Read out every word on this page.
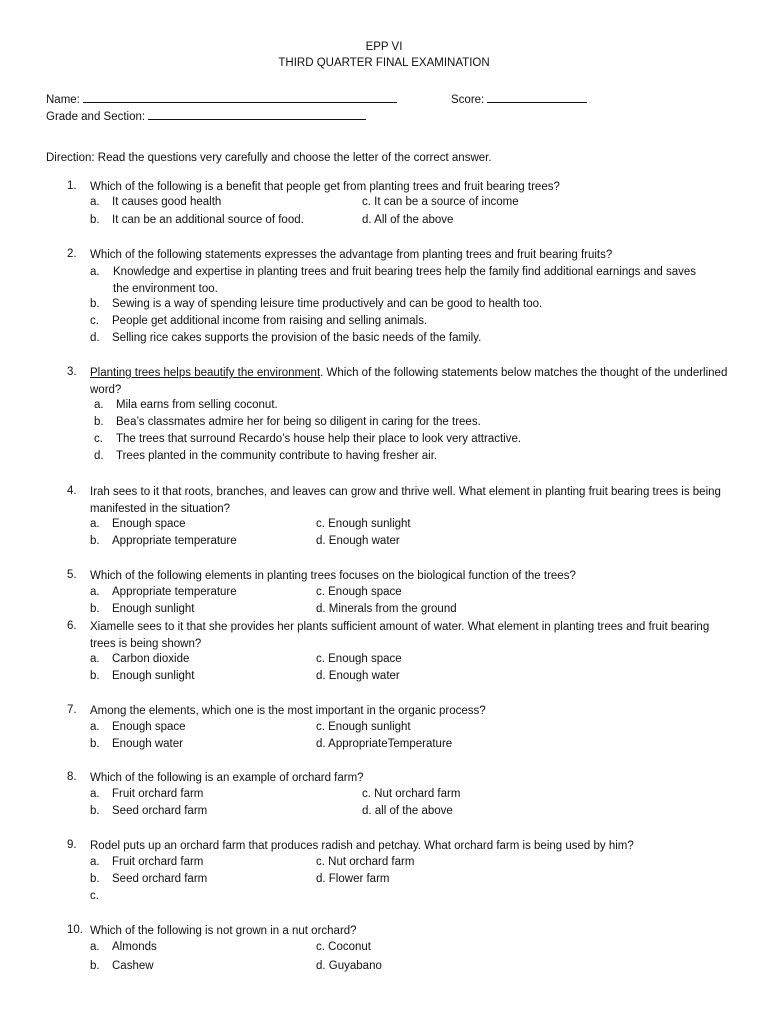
EPP VI
THIRD QUARTER FINAL EXAMINATION
Name:	Score:
Grade and Section:
Direction: Read the questions very carefully and choose the letter of the correct answer.
1. Which of the following is a benefit that people get from planting trees and fruit bearing trees?
a. It causes good health
b. It can be an additional source of food.
c. It can be a source of income
d. All of the above
2. Which of the following statements expresses the advantage from planting trees and fruit bearing fruits?
a. Knowledge and expertise in planting trees and fruit bearing trees help the family find additional earnings and saves the environment too.
b. Sewing is a way of spending leisure time productively and can be good to health too.
c. People get additional income from raising and selling animals.
d. Selling rice cakes supports the provision of the basic needs of the family.
3. Planting trees helps beautify the environment. Which of the following statements below matches the thought of the underlined word?
a. Mila earns from selling coconut.
b. Bea’s classmates admire her for being so diligent in caring for the trees.
c. The trees that surround Recardo’s house help their place to look very attractive.
d. Trees planted in the community contribute to having fresher air.
4. Irah sees to it that roots, branches, and leaves can grow and thrive well. What element in planting fruit bearing trees is being manifested in the situation?
a. Enough space
b. Appropriate temperature
c. Enough sunlight
d. Enough water
5. Which of the following elements in planting trees focuses on the biological function of the trees?
a. Appropriate temperature
b. Enough sunlight
c. Enough space
d. Minerals from the ground
6. Xiamelle sees to it that she provides her plants sufficient amount of water. What element in planting trees and fruit bearing trees is being shown?
a. Carbon dioxide
b. Enough sunlight
c. Enough space
d. Enough water
7. Among the elements, which one is the most important in the organic process?
a. Enough space
b. Enough water
c. Enough sunlight
d. AppropriateTemperature
8. Which of the following is an example of orchard farm?
a. Fruit orchard farm
b. Seed orchard farm
c. Nut orchard farm
d. all of the above
9. Rodel puts up an orchard farm that produces radish and petchay. What orchard farm is being used by him?
a. Fruit orchard farm
b. Seed orchard farm
c.
c. Nut orchard farm
d. Flower farm
10. Which of the following is not grown in a nut orchard?
a. Almonds
b. Cashew
c. Coconut
d. Guyabano
